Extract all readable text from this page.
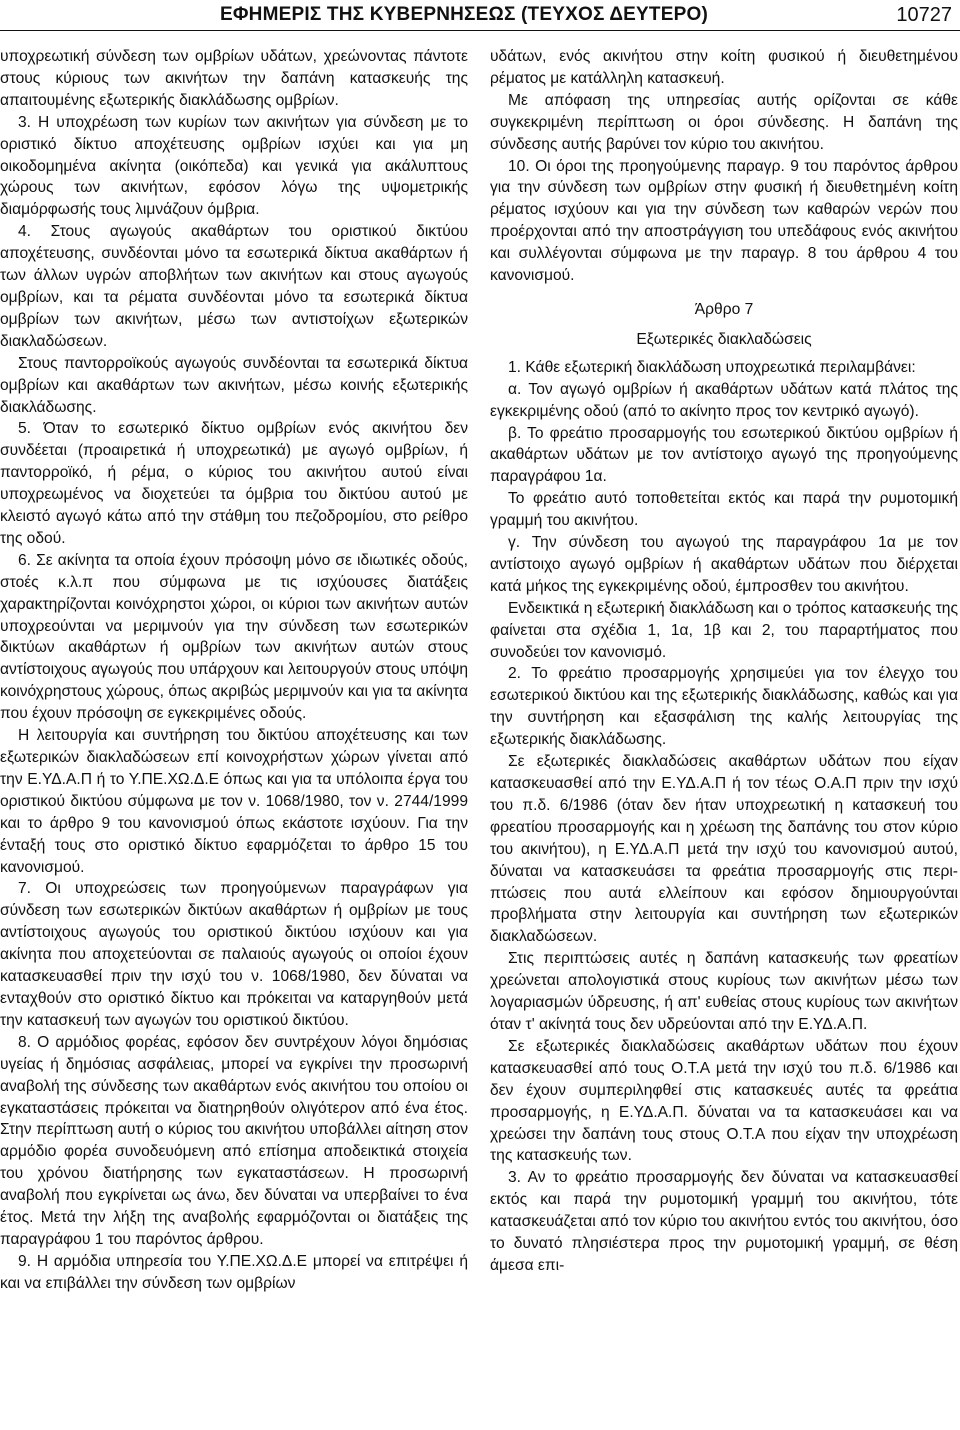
ΕΦΗΜΕΡΙΣ ΤΗΣ ΚΥΒΕΡΝΗΣΕΩΣ (ΤΕΥΧΟΣ ΔΕΥΤΕΡΟ)	10727

υποχρεωτική σύνδεση των ομβρίων υδάτων, χρεώνοντας πάντοτε στους κύριους των ακινήτων την δαπάνη κατασκευής της απαιτουμένης εξωτερικής διακλάδωσης ομβρίων.

3. Η υποχρέωση των κυρίων των ακινήτων για σύνδεση με το οριστικό δίκτυο αποχέτευσης ομβρίων ισχύει και για μη οικοδομημένα ακίνητα (οικόπεδα) και γενικά για ακάλυπτους χώρους των ακινήτων, εφόσον λόγω της υψομετρικής διαμόρφωσής τους λιμνάζουν όμβρια.

4. Στους αγωγούς ακαθάρτων του οριστικού δικτύου αποχέτευσης, συνδέονται μόνο τα εσωτερικά δίκτυα ακαθάρτων ή των άλλων υγρών αποβλήτων των ακινήτων και στους αγωγούς ομβρίων, και τα ρέματα συνδέονται μόνο τα εσωτερικά δίκτυα ομβρίων των ακινήτων, μέσω των αντιστοίχων εξωτερικών διακλαδώσεων.

Στους παντορροϊκούς αγωγούς συνδέονται τα εσωτερικά δίκτυα ομβρίων και ακαθάρτων των ακινήτων, μέσω κοινής εξωτερικής διακλάδωσης.

5. Όταν το εσωτερικό δίκτυο ομβρίων ενός ακινήτου δεν συνδέεται (προαιρετικά ή υποχρεωτικά) με αγωγό ομβρίων, ή παντορροϊκό, ή ρέμα, ο κύριος του ακινήτου αυτού είναι υποχρεωμένος να διοχετεύει τα όμβρια του δικτύου αυτού με κλειστό αγωγό κάτω από την στάθμη του πεζοδρομίου, στο ρείθρο της οδού.

6. Σε ακίνητα τα οποία έχουν πρόσοψη μόνο σε ιδιωτικές οδούς, στοές κ.λ.π που σύμφωνα με τις ισχύουσες διατάξεις χαρακτηρίζονται κοινόχρηστοι χώροι, οι κύριοι των ακινήτων αυτών υποχρεούνται να μεριμνούν για την σύνδεση των εσωτερικών δικτύων ακαθάρτων ή ομβρίων των ακινήτων αυτών στους αντίστοιχους αγωγούς που υπάρχουν και λειτουργούν στους υπόψη κοινόχρηστους χώρους, όπως ακριβώς μεριμνούν και για τα ακίνητα που έχουν πρόσοψη σε εγκεκριμένες οδούς.

Η λειτουργία και συντήρηση του δικτύου αποχέτευσης και των εξωτερικών διακλαδώσεων επί κοινοχρήστων χώρων γίνεται από την Ε.ΥΔ.Α.Π ή το Υ.ΠΕ.ΧΩ.Δ.Ε όπως και για τα υπόλοιπα έργα του οριστικού δικτύου σύμφωνα με τον ν. 1068/1980, τον ν. 2744/1999 και το άρθρο 9 του κανονισμού όπως εκάστοτε ισχύουν. Για την ένταξή τους στο οριστικό δίκτυο εφαρμόζεται το άρθρο 15 του κανονισμού.

7. Οι υποχρεώσεις των προηγούμενων παραγράφων για σύνδεση των εσωτερικών δικτύων ακαθάρτων ή ομβρίων με τους αντίστοιχους αγωγούς του οριστικού δικτύου ισχύουν και για ακίνητα που αποχετεύονται σε παλαιούς αγωγούς οι οποίοι έχουν κατασκευασθεί πριν την ισχύ του ν. 1068/1980, δεν δύναται να ενταχθούν στο οριστικό δίκτυο και πρόκειται να καταργηθούν μετά την κατασκευή των αγωγών του οριστικού δικτύου.

8. Ο αρμόδιος φορέας, εφόσον δεν συντρέχουν λόγοι δημόσιας υγείας ή δημόσιας ασφάλειας, μπορεί να εγκρίνει την προσωρινή αναβολή της σύνδεσης των ακαθάρτων ενός ακινήτου του οποίου οι εγκαταστάσεις πρόκειται να διατηρηθούν ολιγότερον από ένα έτος. Στην περίπτωση αυτή ο κύριος του ακινήτου υποβάλλει αίτηση στον αρμόδιο φορέα συνοδευόμενη από επίσημα αποδεικτικά στοιχεία του χρόνου διατήρησης των εγκαταστάσεων. Η προσωρινή αναβολή που εγκρίνεται ως άνω, δεν δύναται να υπερβαίνει το ένα έτος. Μετά την λήξη της αναβολής εφαρμόζονται οι διατάξεις της παραγράφου 1 του παρόντος άρθρου.

9. Η αρμόδια υπηρεσία του Υ.ΠΕ.ΧΩ.Δ.Ε μπορεί να επιτρέψει ή και να επιβάλλει την σύνδεση των ομβρίων

υδάτων, ενός ακινήτου στην κοίτη φυσικού ή διευθετημένου ρέματος με κατάλληλη κατασκευή.

Με απόφαση της υπηρεσίας αυτής ορίζονται σε κάθε συγκεκριμένη περίπτωση οι όροι σύνδεσης. Η δαπάνη της σύνδεσης αυτής βαρύνει τον κύριο του ακινήτου.

10. Οι όροι της προηγούμενης παραγρ. 9 του παρόντος άρθρου για την σύνδεση των ομβρίων στην φυσική ή διευθετημένη κοίτη ρέματος ισχύουν και για την σύνδεση των καθαρών νερών που προέρχονται από την αποστράγγιση του υπεδάφους ενός ακινήτου και συλλέγονται σύμφωνα με την παραγρ. 8 του άρθρου 4 του κανονισμού.

Άρθρο 7

Εξωτερικές διακλαδώσεις

1. Κάθε εξωτερική διακλάδωση υποχρεωτικά περιλαμβάνει:

α. Τον αγωγό ομβρίων ή ακαθάρτων υδάτων κατά πλάτος της εγκεκριμένης οδού (από το ακίνητο προς τον κεντρικό αγωγό).

β. Το φρεάτιο προσαρμογής του εσωτερικού δικτύου ομβρίων ή ακαθάρτων υδάτων με τον αντίστοιχο αγωγό της προηγούμενης παραγράφου 1α.

Το φρεάτιο αυτό τοποθετείται εκτός και παρά την ρυμοτομική γραμμή του ακινήτου.

γ. Την σύνδεση του αγωγού της παραγράφου 1α με τον αντίστοιχο αγωγό ομβρίων ή ακαθάρτων υδάτων που διέρχεται κατά μήκος της εγκεκριμένης οδού, έμπροσθεν του ακινήτου.

Ενδεικτικά η εξωτερική διακλάδωση και ο τρόπος κατασκευής της φαίνεται στα σχέδια 1, 1α, 1β και 2, του παραρτήματος που συνοδεύει τον κανονισμό.

2. Το φρεάτιο προσαρμογής χρησιμεύει για τον έλεγχο του εσωτερικού δικτύου και της εξωτερικής διακλάδωσης, καθώς και για την συντήρηση και εξασφάλιση της καλής λειτουργίας της εξωτερικής διακλάδωσης.

Σε εξωτερικές διακλαδώσεις ακαθάρτων υδάτων που είχαν κατασκευασθεί από την Ε.ΥΔ.Α.Π ή τον τέως Ο.Α.Π πριν την ισχύ του π.δ. 6/1986 (όταν δεν ήταν υποχρεωτική η κατασκευή του φρεατίου προσαρμογής και η χρέωση της δαπάνης του στον κύριο του ακινήτου), η Ε.ΥΔ.Α.Π μετά την ισχύ του κανονισμού αυτού, δύναται να κατασκευάσει τα φρεάτια προσαρμογής στις περιπτώσεις που αυτά ελλείπουν και εφόσον δημιουργούνται προβλήματα στην λειτουργία και συντήρηση των εξωτερικών διακλαδώσεων.

Στις περιπτώσεις αυτές η δαπάνη κατασκευής των φρεατίων χρεώνεται απολογιστικά στους κυρίους των ακινήτων μέσω των λογαριασμών ύδρευσης, ή απ' ευθείας στους κυρίους των ακινήτων όταν τ' ακίνητά τους δεν υδρεύονται από την Ε.ΥΔ.Α.Π.

Σε εξωτερικές διακλαδώσεις ακαθάρτων υδάτων που έχουν κατασκευασθεί από τους Ο.Τ.Α μετά την ισχύ του π.δ. 6/1986 και δεν έχουν συμπεριληφθεί στις κατασκευές αυτές τα φρεάτια προσαρμογής, η Ε.ΥΔ.Α.Π. δύναται να τα κατασκευάσει και να χρεώσει την δαπάνη τους στους Ο.Τ.Α που είχαν την υποχρέωση της κατασκευής των.

3. Αν το φρεάτιο προσαρμογής δεν δύναται να κατασκευασθεί εκτός και παρά την ρυμοτομική γραμμή του ακινήτου, τότε κατασκευάζεται από τον κύριο του ακινήτου εντός του ακινήτου, όσο το δυνατό πλησιέστερα προς την ρυμοτομική γραμμή, σε θέση άμεσα επι-
